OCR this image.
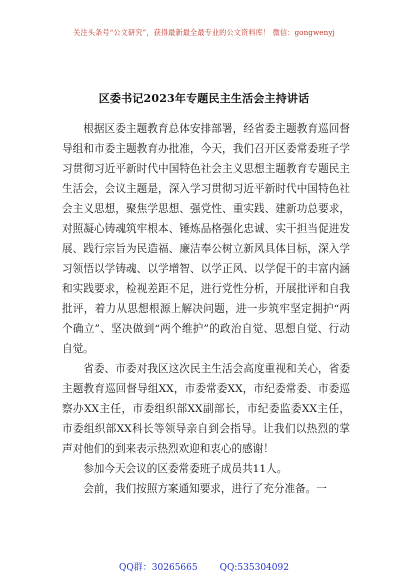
关注头条号“公文研究”，获得最新最全最专业的公文资料库！ 微信：gongwenyj
区委书记2023年专题民主生活会主持讲话

根据区委主题教育总体安排部署，经省委主题教育巡回督导组和市委主题教育办批准，今天，我们召开区委常委班子学习贯彻习近平新时代中国特色社会主义思想主题教育专题民主生活会，会议主题是，深入学习贯彻习近平新时代中国特色社会主义思想，聚焦学思想、强党性、重实践、建新功总要求，对照凝心铸魂筑牢根本、锤炼品格强化忠诚、实干担当促进发展、践行宗旨为民造福、廉洁奉公树立新风具体目标，深入学习领悟以学铸魂、以学增智、以学正风、以学促干的丰富内涵和实践要求，检视差距不足，进行党性分析，开展批评和自我批评，着力从思想根源上解决问题，进一步筑牢坚定拥护“两个确立”、坚决做到“两个维护”的政治自觉、思想自觉、行动自觉。

省委、市委对我区这次民主生活会高度重视和关心，省委主题教育巡回督导组XX，市委常委XX，市纪委常委、市委巡察办XX主任，市委组织部XX副部长，市纪委监委XX主任，市委组织部XX科长等领导亲自到会指导。让我们以热烈的掌声对他们的到来表示热烈欢迎和衷心的感谢！

参加今天会议的区委常委班子成员共11人。

会前，我们按照方案通知要求，进行了充分准备。一

QQ群：30265665 QQ:535304092
